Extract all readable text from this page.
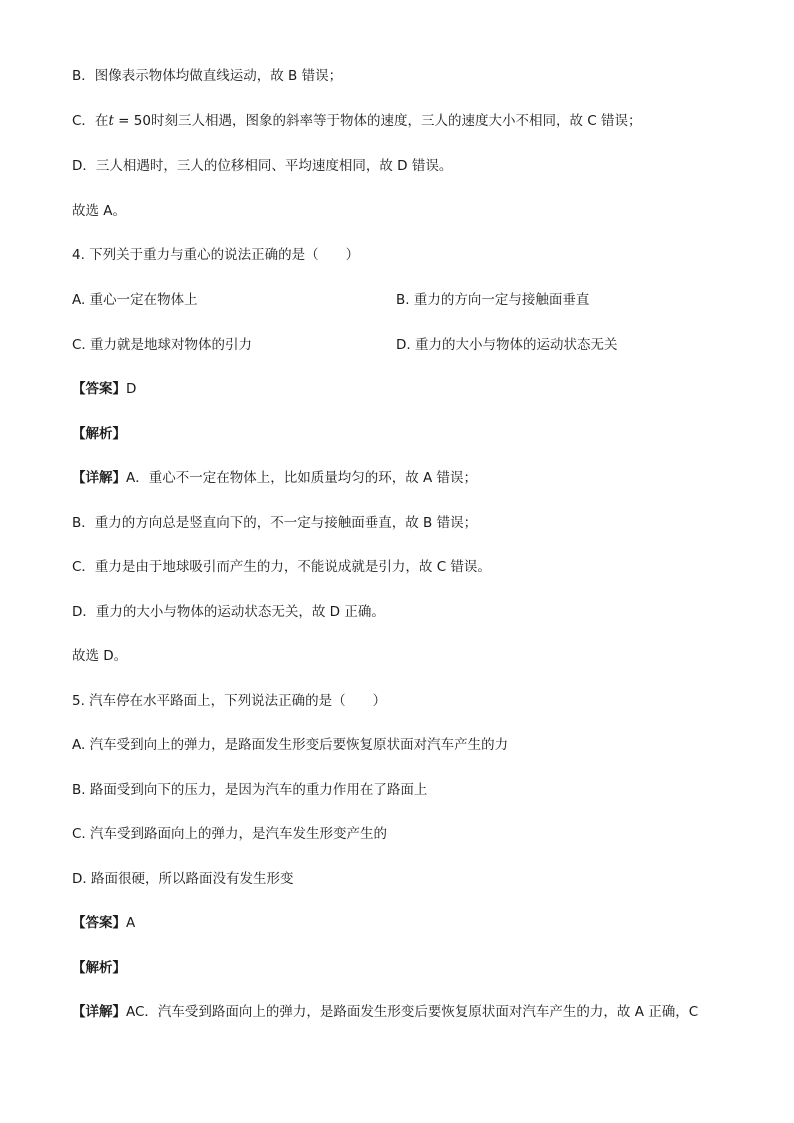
B．图像表示物体均做直线运动，故 B 错误；
C．在t = 50时刻三人相遇，图象的斜率等于物体的速度，三人的速度大小不相同，故 C 错误；
D．三人相遇时，三人的位移相同、平均速度相同，故 D 错误。
故选 A。
4. 下列关于重力与重心的说法正确的是（　　）
A. 重心一定在物体上	B. 重力的方向一定与接触面垂直
C. 重力就是地球对物体的引力	D. 重力的大小与物体的运动状态无关
【答案】D
【解析】
【详解】A．重心不一定在物体上，比如质量均匀的环，故 A 错误；
B．重力的方向总是竖直向下的，不一定与接触面垂直，故 B 错误；
C．重力是由于地球吸引而产生的力，不能说成就是引力，故 C 错误。
D．重力的大小与物体的运动状态无关，故 D 正确。
故选 D。
5. 汽车停在水平路面上，下列说法正确的是（　　）
A. 汽车受到向上的弹力，是路面发生形变后要恢复原状面对汽车产生的力
B. 路面受到向下的压力，是因为汽车的重力作用在了路面上
C. 汽车受到路面向上的弹力，是汽车发生形变产生的
D. 路面很硬，所以路面没有发生形变
【答案】A
【解析】
【详解】AC．汽车受到路面向上的弹力，是路面发生形变后要恢复原状面对汽车产生的力，故 A 正确，C
